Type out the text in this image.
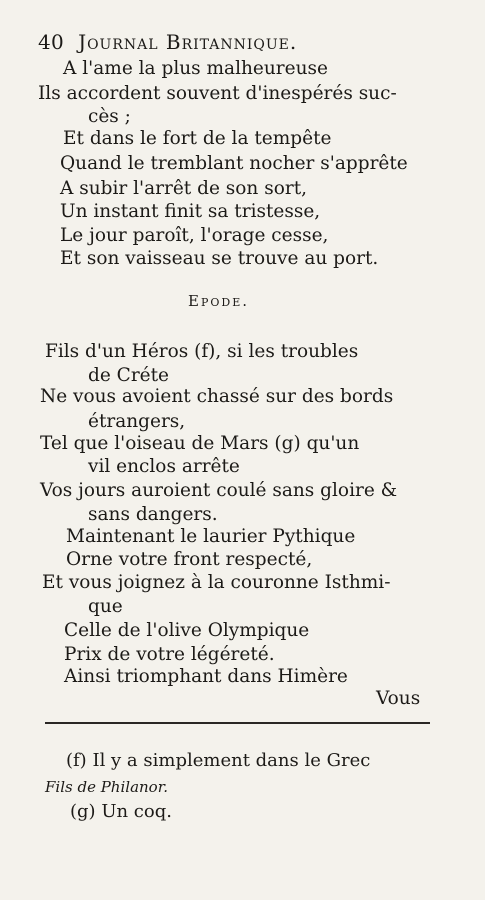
40 Journal Britannique.
A l'ame la plus malheureuse
Ils accordent souvent d'inespérés suc-
cès ;
Et dans le fort de la tempête
Quand le tremblant nocher s'apprête
A subir l'arrêt de son sort,
Un instant finit sa tristesse,
Le jour paroît, l'orage cesse,
Et son vaisseau se trouve au port.
Epode.
Fils d'un Héros (f), si les troubles
de Créte
Ne vous avoient chassé sur des bords
étrangers,
Tel que l'oiseau de Mars (g) qu'un
vil enclos arrête
Vos jours auroient coulé sans gloire &
sans dangers.
Maintenant le laurier Pythique
Orne votre front respecté,
Et vous joignez à la couronne Isthmi-
que
Celle de l'olive Olympique
Prix de votre légéreté.
Ainsi triomphant dans Himère
Vous
(f) Il y a simplement dans le Grec
Fils de Philanor.
(g) Un coq.
